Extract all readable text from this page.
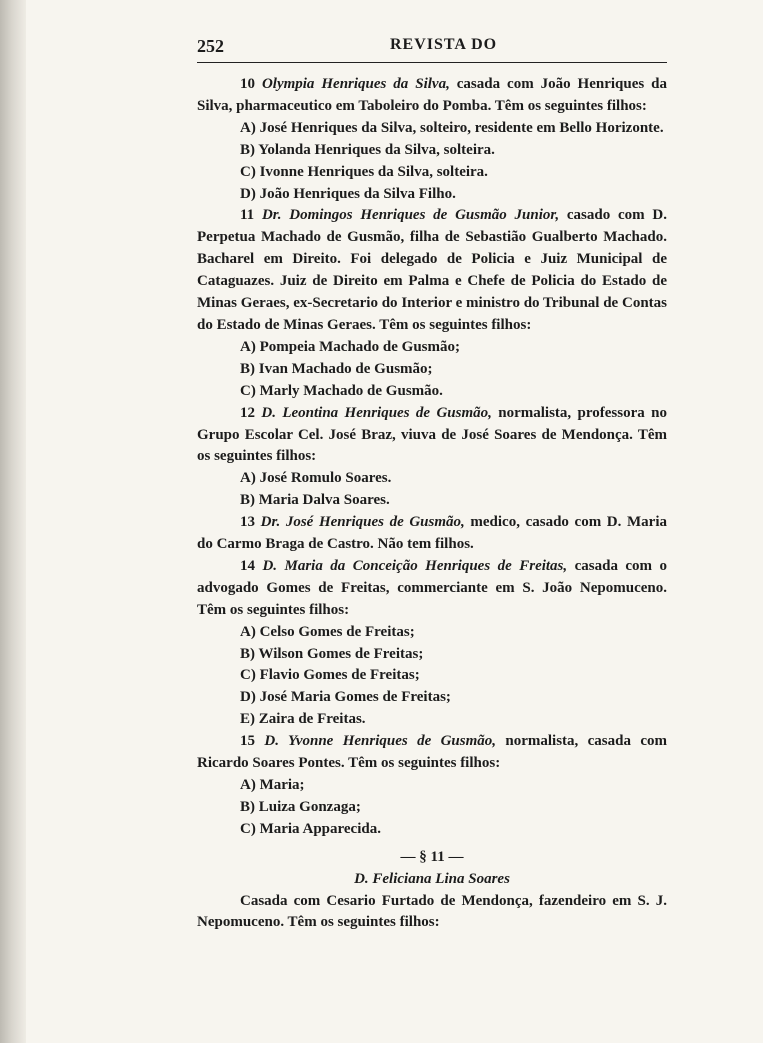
252	REVISTA DO

10 Olympia Henriques da Silva, casada com João Henriques da Silva, pharmaceutico em Taboleiro do Pomba. Têm os seguintes filhos:

A) José Henriques da Silva, solteiro, residente em Bello Horizonte.

B) Yolanda Henriques da Silva, solteira.

C) Ivonne Henriques da Silva, solteira.

D) João Henriques da Silva Filho.

11 Dr. Domingos Henriques de Gusmão Junior, casado com D. Perpetua Machado de Gusmão, filha de Sebastião Gualberto Machado. Bacharel em Direito. Foi delegado de Policia e Juiz Municipal de Cataguazes. Juiz de Direito em Palma e Chefe de Policia do Estado de Minas Geraes, ex-Secretario do Interior e ministro do Tribunal de Contas do Estado de Minas Geraes. Têm os seguintes filhos:

A) Pompeia Machado de Gusmão;

B) Ivan Machado de Gusmão;

C) Marly Machado de Gusmão.

12 D. Leontina Henriques de Gusmão, normalista, professora no Grupo Escolar Cel. José Braz, viuva de José Soares de Mendonça. Têm os seguintes filhos:

A) José Romulo Soares.

B) Maria Dalva Soares.

13 Dr. José Henriques de Gusmão, medico, casado com D. Maria do Carmo Braga de Castro. Não tem filhos.

14 D. Maria da Conceição Henriques de Freitas, casada com o advogado Gomes de Freitas, commerciante em S. João Nepomuceno. Têm os seguintes filhos:

A) Celso Gomes de Freitas;

B) Wilson Gomes de Freitas;

C) Flavio Gomes de Freitas;

D) José Maria Gomes de Freitas;

E) Zaira de Freitas.

15 D. Yvonne Henriques de Gusmão, normalista, casada com Ricardo Soares Pontes. Têm os seguintes filhos:

A) Maria;

B) Luiza Gonzaga;

C) Maria Apparecida.

— § 11 —

D. Feliciana Lina Soares

Casada com Cesario Furtado de Mendonça, fazendeiro em S. J. Nepomuceno. Têm os seguintes filhos:
